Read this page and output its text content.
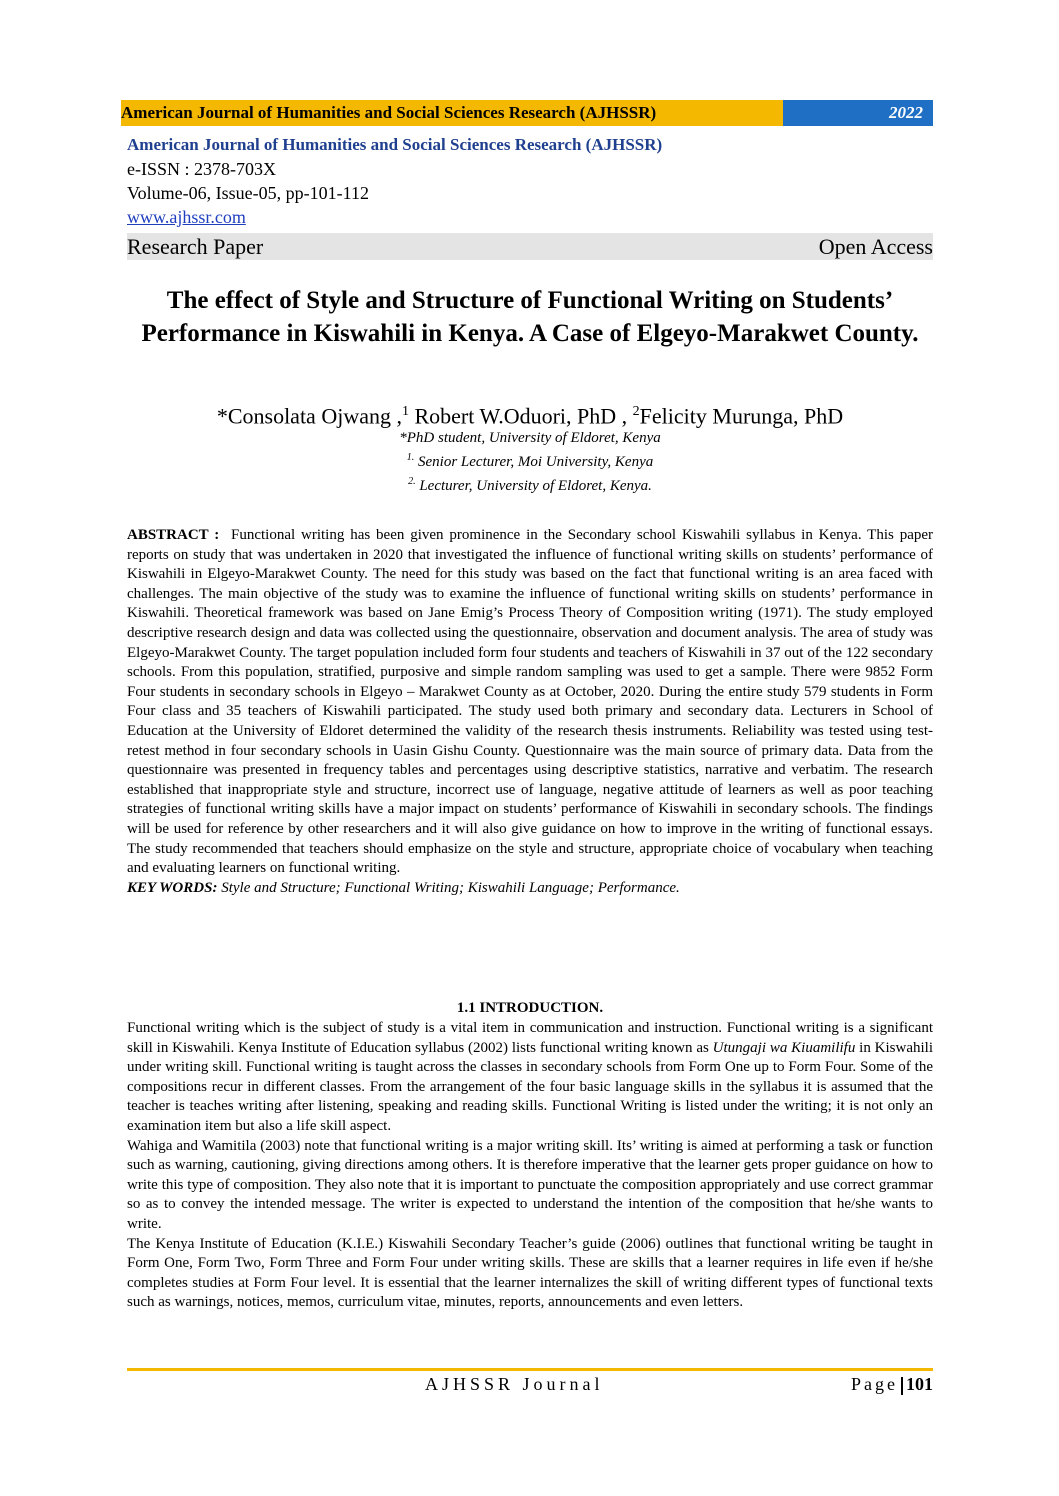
American Journal of Humanities and Social Sciences Research (AJHSSR)	2022
American Journal of Humanities and Social Sciences Research (AJHSSR)
e-ISSN : 2378-703X
Volume-06, Issue-05, pp-101-112
www.ajhssr.com
Research Paper	Open Access
The effect of Style and Structure of Functional Writing on Students’ Performance in Kiswahili in Kenya. A Case of Elgeyo-Marakwet County.
*Consolata Ojwang ,$^1$ Robert W.Oduori, PhD , $^2$Felicity Murunga, PhD
*PhD student, University of Eldoret, Kenya
$^{1.}$ Senior Lecturer, Moi University, Kenya
$^{2.}$ Lecturer, University of Eldoret, Kenya.
ABSTRACT : Functional writing has been given prominence in the Secondary school Kiswahili syllabus in Kenya. This paper reports on study that was undertaken in 2020 that investigated the influence of functional writing skills on students’ performance of Kiswahili in Elgeyo-Marakwet County. The need for this study was based on the fact that functional writing is an area faced with challenges. The main objective of the study was to examine the influence of functional writing skills on students’ performance in Kiswahili. Theoretical framework was based on Jane Emig’s Process Theory of Composition writing (1971). The study employed descriptive research design and data was collected using the questionnaire, observation and document analysis. The area of study was Elgeyo-Marakwet County. The target population included form four students and teachers of Kiswahili in 37 out of the 122 secondary schools. From this population, stratified, purposive and simple random sampling was used to get a sample. There were 9852 Form Four students in secondary schools in Elgeyo – Marakwet County as at October, 2020. During the entire study 579 students in Form Four class and 35 teachers of Kiswahili participated. The study used both primary and secondary data. Lecturers in School of Education at the University of Eldoret determined the validity of the research thesis instruments. Reliability was tested using test-retest method in four secondary schools in Uasin Gishu County. Questionnaire was the main source of primary data. Data from the questionnaire was presented in frequency tables and percentages using descriptive statistics, narrative and verbatim. The research established that inappropriate style and structure, incorrect use of language, negative attitude of learners as well as poor teaching strategies of functional writing skills have a major impact on students’ performance of Kiswahili in secondary schools. The findings will be used for reference by other researchers and it will also give guidance on how to improve in the writing of functional essays. The study recommended that teachers should emphasize on the style and structure, appropriate choice of vocabulary when teaching and evaluating learners on functional writing.
KEY WORDS: Style and Structure; Functional Writing; Kiswahili Language; Performance.
1.1 INTRODUCTION.

Functional writing which is the subject of study is a vital item in communication and instruction. Functional writing is a significant skill in Kiswahili. Kenya Institute of Education syllabus (2002) lists functional writing known as Utungaji wa Kiuamilifu in Kiswahili under writing skill. Functional writing is taught across the classes in secondary schools from Form One up to Form Four. Some of the compositions recur in different classes. From the arrangement of the four basic language skills in the syllabus it is assumed that the teacher is teaches writing after listening, speaking and reading skills. Functional Writing is listed under the writing; it is not only an examination item but also a life skill aspect.

Wahiga and Wamitila (2003) note that functional writing is a major writing skill. Its’ writing is aimed at performing a task or function such as warning, cautioning, giving directions among others. It is therefore imperative that the learner gets proper guidance on how to write this type of composition. They also note that it is important to punctuate the composition appropriately and use correct grammar so as to convey the intended message. The writer is expected to understand the intention of the composition that he/she wants to write.

The Kenya Institute of Education (K.I.E.) Kiswahili Secondary Teacher’s guide (2006) outlines that functional writing be taught in Form One, Form Two, Form Three and Form Four under writing skills. These are skills that a learner requires in life even if he/she completes studies at Form Four level. It is essential that the learner internalizes the skill of writing different types of functional texts such as warnings, notices, memos, curriculum vitae, minutes, reports, announcements and even letters.

AJHSSR Journal	Page 101
